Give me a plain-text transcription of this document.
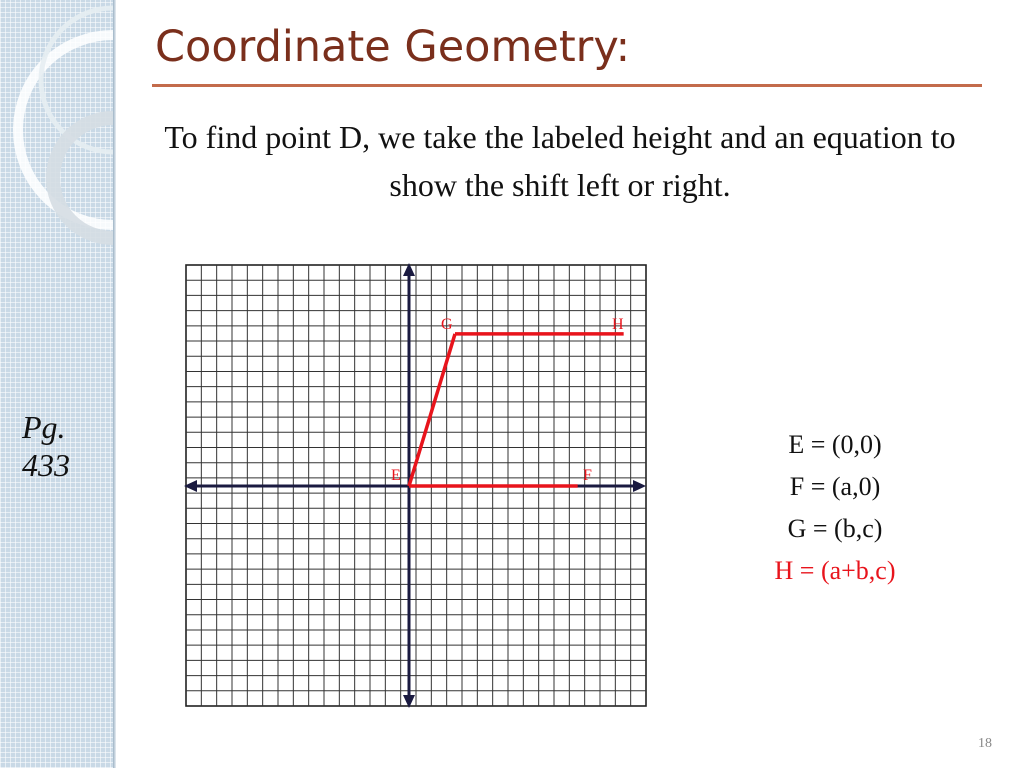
Coordinate Geometry:

To find point D, we take the labeled height and an equation to show the shift left or right.

Pg.
433	E	F
G	H
E = (0,0)
F = (a,0)
G = (b,c)
H = (a+b,c)
18
